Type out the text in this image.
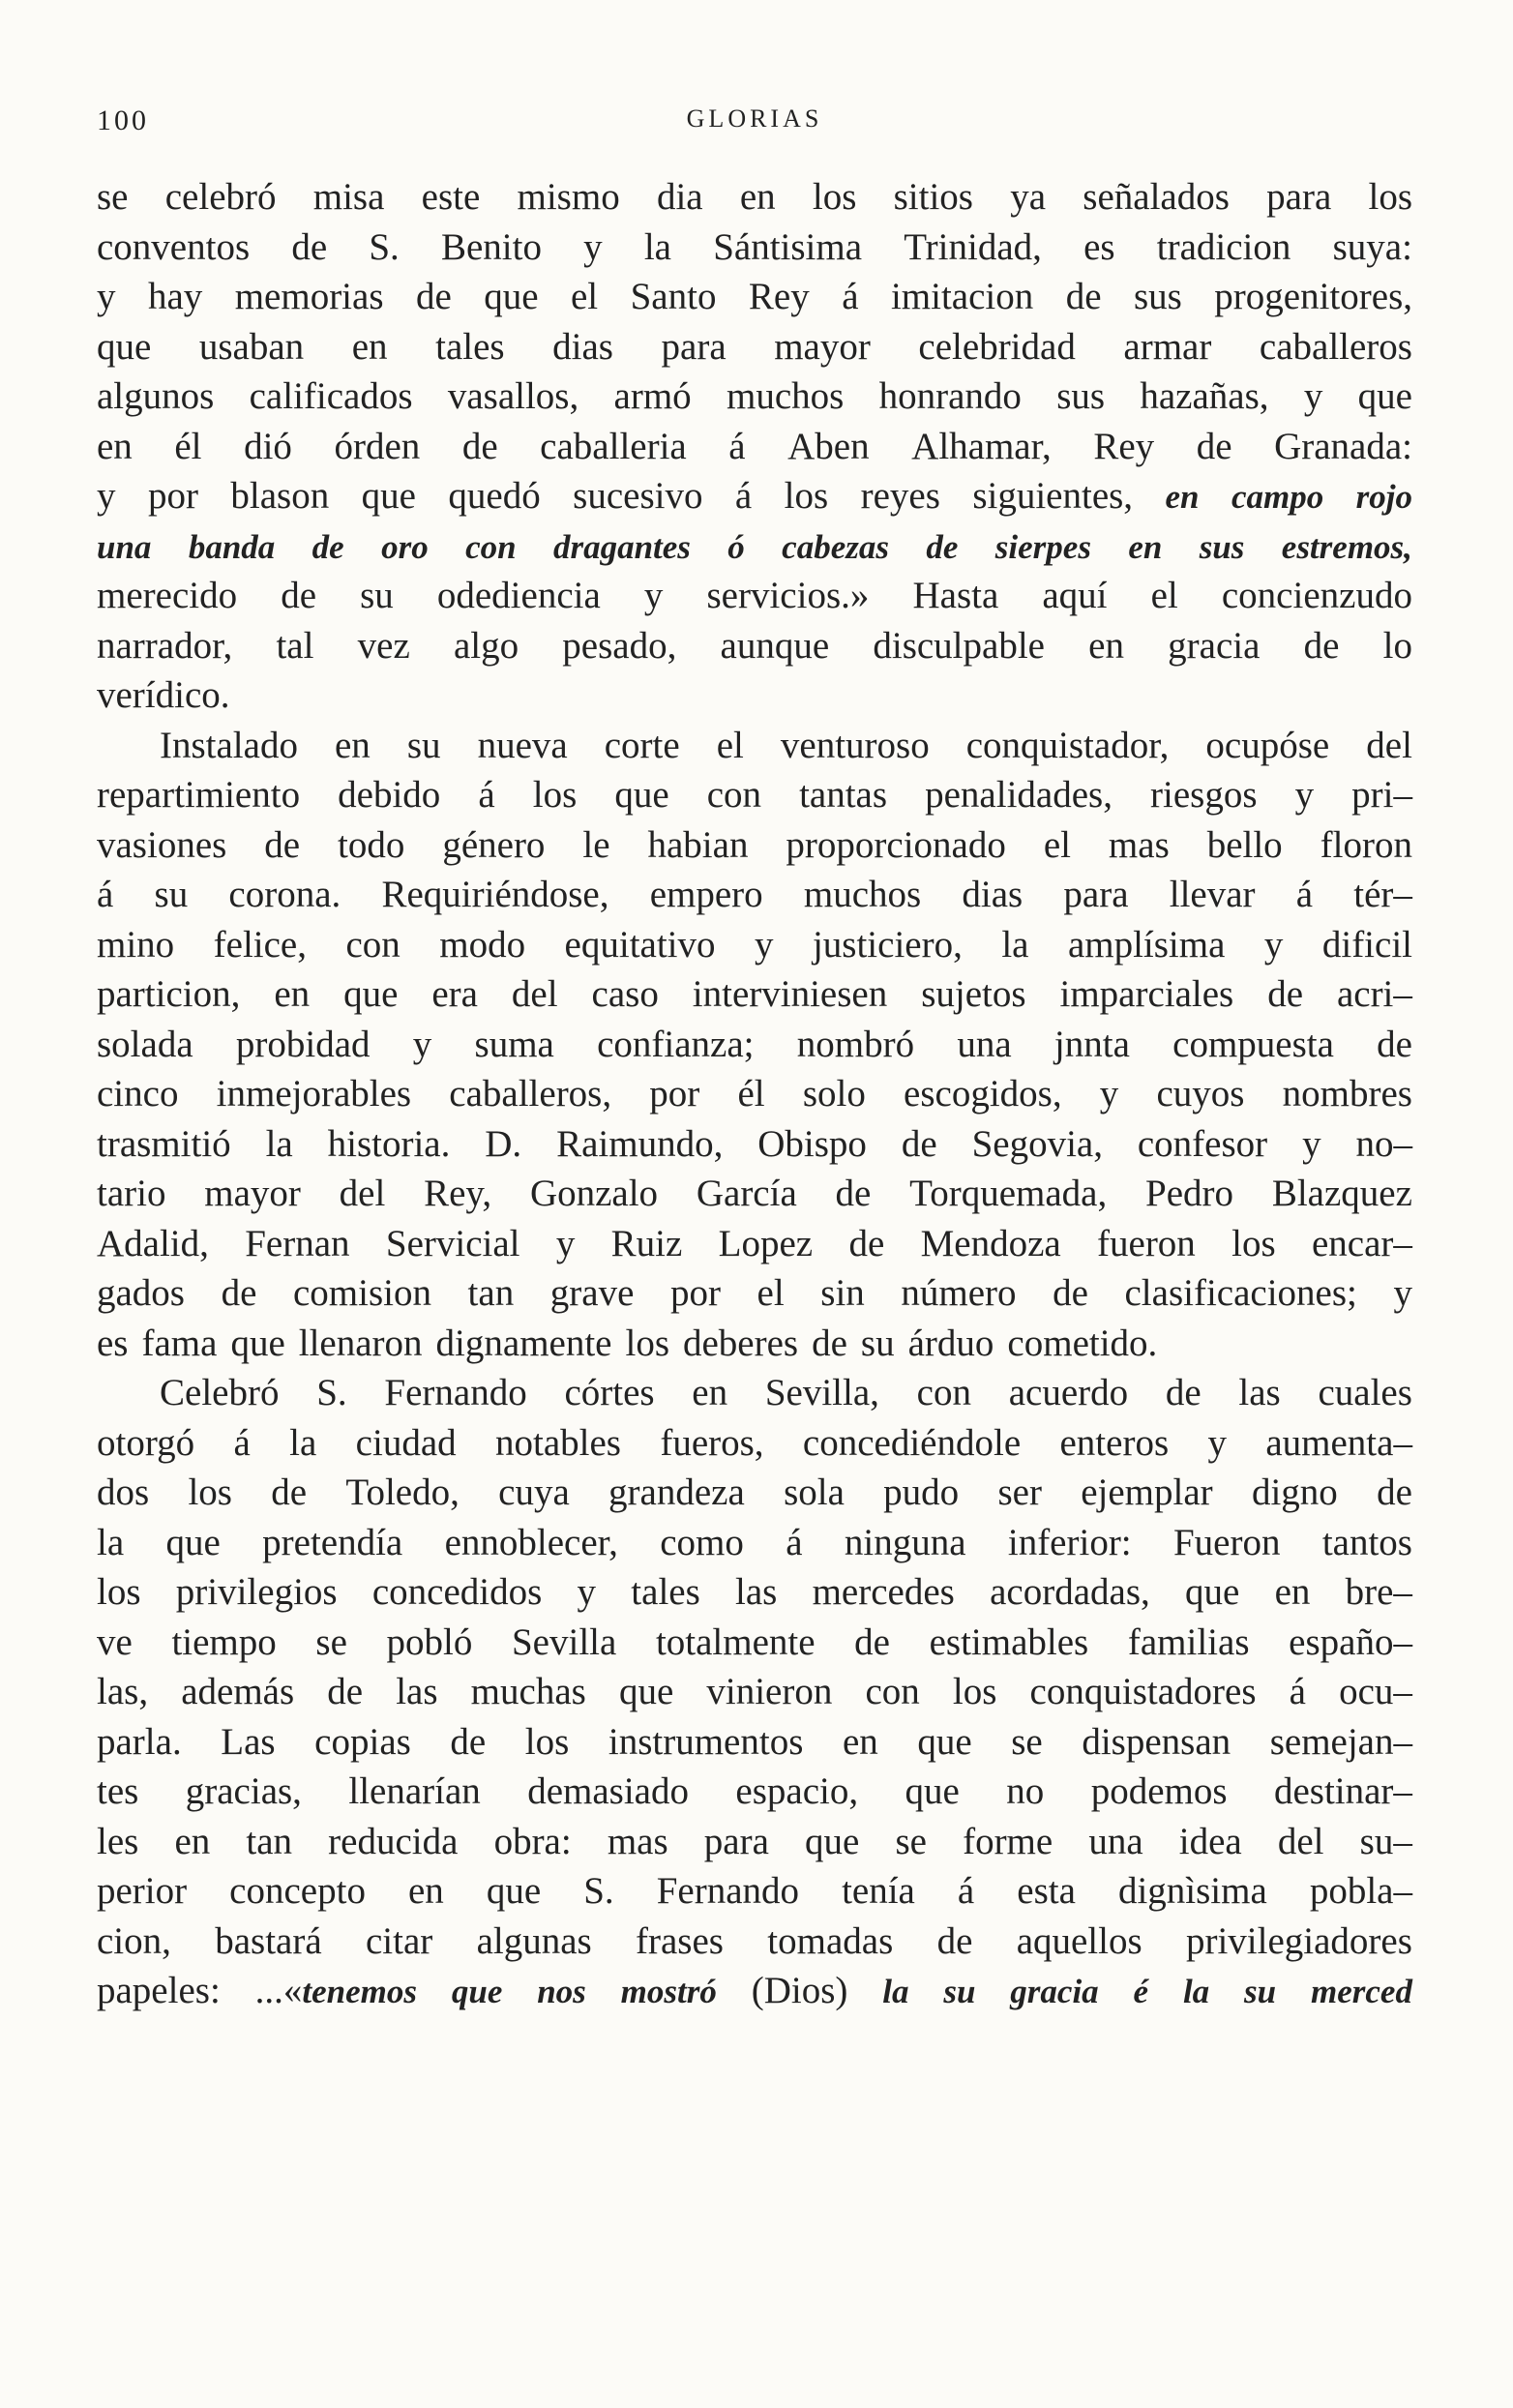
100	GLORIAS
se celebró misa este mismo dia en los sitios ya señalados para los
conventos de S. Benito y la Sántisima Trinidad, es tradicion suya:
y hay memorias de que el Santo Rey á imitacion de sus progenitores,
que usaban en tales dias para mayor celebridad armar caballeros
algunos calificados vasallos, armó muchos honrando sus hazañas, y que
en él dió órden de caballeria á Aben Alhamar, Rey de Granada:
y por blason que quedó sucesivo á los reyes siguientes, en campo rojo
una banda de oro con dragantes ó cabezas de sierpes en sus estremos,
merecido de su odediencia y servicios.» Hasta aquí el concienzudo
narrador, tal vez algo pesado, aunque disculpable en gracia de lo
verídico.
Instalado en su nueva corte el venturoso conquistador, ocupóse del
repartimiento debido á los que con tantas penalidades, riesgos y pri–
vasiones de todo género le habian proporcionado el mas bello floron
á su corona. Requiriéndose, empero muchos dias para llevar á tér–
mino felice, con modo equitativo y justiciero, la amplísima y dificil
particion, en que era del caso interviniesen sujetos imparciales de acri–
solada probidad y suma confianza; nombró una jnnta compuesta de
cinco inmejorables caballeros, por él solo escogidos, y cuyos nombres
trasmitió la historia. D. Raimundo, Obispo de Segovia, confesor y no–
tario mayor del Rey, Gonzalo García de Torquemada, Pedro Blazquez
Adalid, Fernan Servicial y Ruiz Lopez de Mendoza fueron los encar–
gados de comision tan grave por el sin número de clasificaciones; y
es fama que llenaron dignamente los deberes de su árduo cometido.
Celebró S. Fernando córtes en Sevilla, con acuerdo de las cuales
otorgó á la ciudad notables fueros, concediéndole enteros y aumenta–
dos los de Toledo, cuya grandeza sola pudo ser ejemplar digno de
la que pretendía ennoblecer, como á ninguna inferior: Fueron tantos
los privilegios concedidos y tales las mercedes acordadas, que en bre–
ve tiempo se pobló Sevilla totalmente de estimables familias españo–
las, además de las muchas que vinieron con los conquistadores á ocu–
parla. Las copias de los instrumentos en que se dispensan semejan–
tes gracias, llenarían demasiado espacio, que no podemos destinar–
les en tan reducida obra: mas para que se forme una idea del su–
perior concepto en que S. Fernando tenía á esta dignìsima pobla–
cion, bastará citar algunas frases tomadas de aquellos privilegiadores
papeles: ...«tenemos que nos mostró (Dios) la su gracia é la su merced
